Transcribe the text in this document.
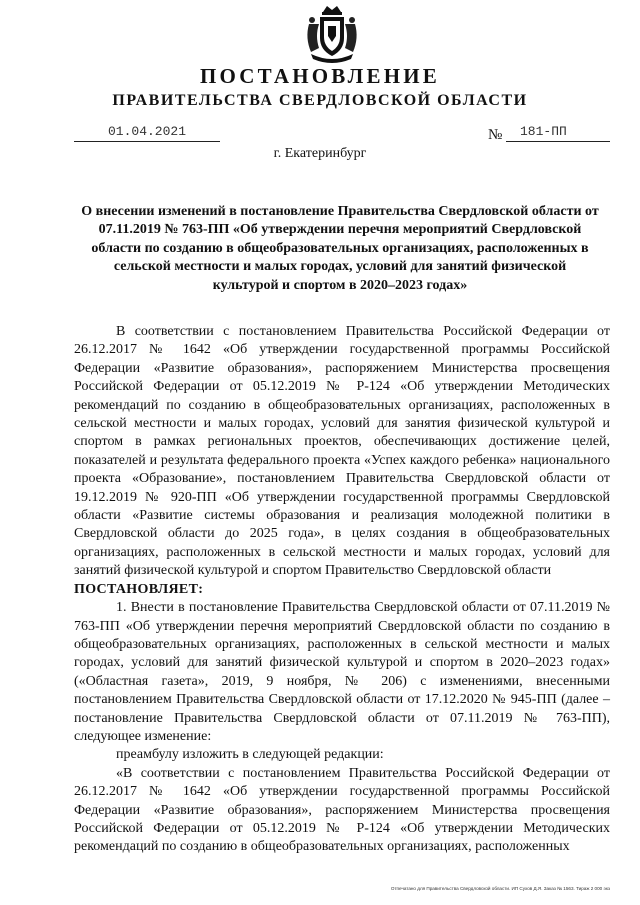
ПОСТАНОВЛЕНИЕ
ПРАВИТЕЛЬСТВА СВЕРДЛОВСКОЙ ОБЛАСТИ
01.04.2021	№	181-ПП
г. Екатеринбург
О внесении изменений в постановление Правительства Свердловской области от 07.11.2019 № 763-ПП «Об утверждении перечня мероприятий Свердловской области по созданию в общеобразовательных организациях, расположенных в сельской местности и малых городах, условий для занятий физической культурой и спортом в 2020–2023 годах»

В соответствии с постановлением Правительства Российской Федерации от 26.12.2017 № 1642 «Об утверждении государственной программы Российской Федерации «Развитие образования», распоряжением Министерства просвещения Российской Федерации от 05.12.2019 № Р-124 «Об утверждении Методических рекомендаций по созданию в общеобразовательных организациях, расположенных в сельской местности и малых городах, условий для занятия физической культурой и спортом в рамках региональных проектов, обеспечивающих достижение целей, показателей и результата федерального проекта «Успех каждого ребенка» национального проекта «Образование», постановлением Правительства Свердловской области от 19.12.2019 № 920-ПП «Об утверждении государственной программы Свердловской области «Развитие системы образования и реализация молодежной политики в Свердловской области до 2025 года», в целях создания в общеобразовательных организациях, расположенных в сельской местности и малых городах, условий для занятий физической культурой и спортом Правительство Свердловской области

ПОСТАНОВЛЯЕТ:

1. Внести в постановление Правительства Свердловской области от 07.11.2019 № 763-ПП «Об утверждении перечня мероприятий Свердловской области по созданию в общеобразовательных организациях, расположенных в сельской местности и малых городах, условий для занятий физической культурой и спортом в 2020–2023 годах» («Областная газета», 2019, 9 ноября, № 206) с изменениями, внесенными постановлением Правительства Свердловской области от 17.12.2020 № 945-ПП (далее – постановление Правительства Свердловской области от 07.11.2019 № 763-ПП), следующее изменение:

преамбулу изложить в следующей редакции:

«В соответствии с постановлением Правительства Российской Федерации от 26.12.2017 № 1642 «Об утверждении государственной программы Российской Федерации «Развитие образования», распоряжением Министерства просвещения Российской Федерации от 05.12.2019 № Р-124 «Об утверждении Методических рекомендаций по созданию в общеобразовательных организациях, расположенных

Отпечатано для Правительства Свердловской области. ИП Сухов Д.Я. Заказ № 1563. Тираж 2 000 экз
